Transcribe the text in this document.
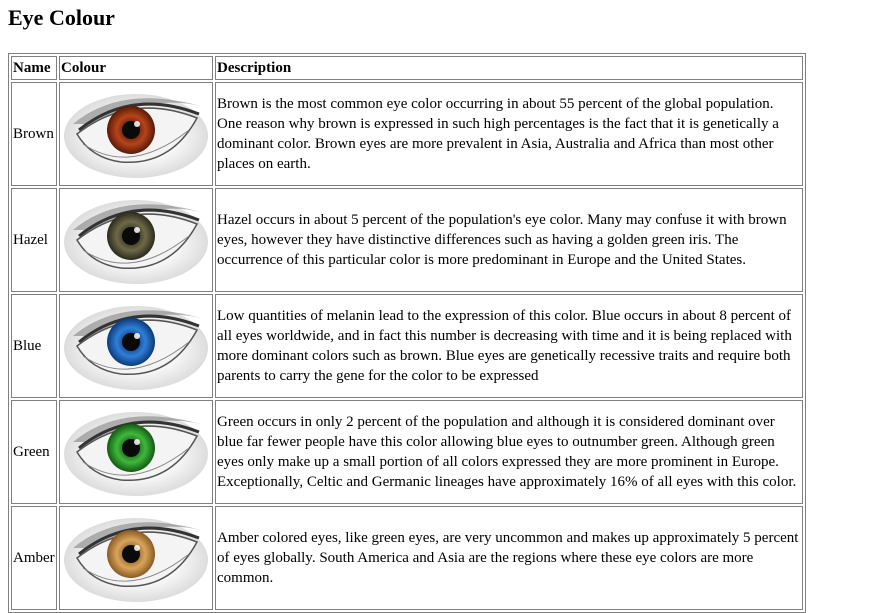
Eye Colour
Name	Colour	Description
Brown		Brown is the most common eye color occurring in about 55 percent of the global population. One reason why brown is expressed in such high percentages is the fact that it is genetically a dominant color. Brown eyes are more prevalent in Asia, Australia and Africa than most other places on earth.
Hazel		Hazel occurs in about 5 percent of the population's eye color. Many may confuse it with brown eyes, however they have distinctive differences such as having a golden green iris. The occurrence of this particular color is more predominant in Europe and the United States.
Blue		Low quantities of melanin lead to the expression of this color. Blue occurs in about 8 percent of all eyes worldwide, and in fact this number is decreasing with time and it is being replaced with more dominant colors such as brown. Blue eyes are genetically recessive traits and require both parents to carry the gene for the color to be expressed
Green		Green occurs in only 2 percent of the population and although it is considered dominant over blue far fewer people have this color allowing blue eyes to outnumber green. Although green eyes only make up a small portion of all colors expressed they are more prominent in Europe. Exceptionally, Celtic and Germanic lineages have approximately 16% of all eyes with this color.
Amber		Amber colored eyes, like green eyes, are very uncommon and makes up approximately 5 percent of eyes globally. South America and Asia are the regions where these eye colors are more common.
